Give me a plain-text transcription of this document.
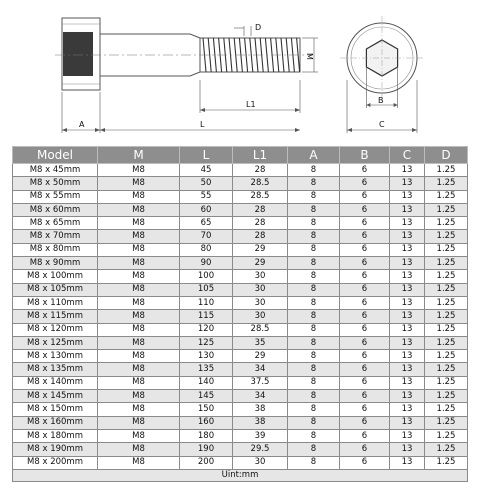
D
M
L1
L
A
B
C
Model	M	L	L1	A	B	C	D
M8 x 45mm	M8	45	28	8	6	13	1.25
M8 x 50mm	M8	50	28.5	8	6	13	1.25
M8 x 55mm	M8	55	28.5	8	6	13	1.25
M8 x 60mm	M8	60	28	8	6	13	1.25
M8 x 65mm	M8	65	28	8	6	13	1.25
M8 x 70mm	M8	70	28	8	6	13	1.25
M8 x 80mm	M8	80	29	8	6	13	1.25
M8 x 90mm	M8	90	29	8	6	13	1.25
M8 x 100mm	M8	100	30	8	6	13	1.25
M8 x 105mm	M8	105	30	8	6	13	1.25
M8 x 110mm	M8	110	30	8	6	13	1.25
M8 x 115mm	M8	115	30	8	6	13	1.25
M8 x 120mm	M8	120	28.5	8	6	13	1.25
M8 x 125mm	M8	125	35	8	6	13	1.25
M8 x 130mm	M8	130	29	8	6	13	1.25
M8 x 135mm	M8	135	34	8	6	13	1.25
M8 x 140mm	M8	140	37.5	8	6	13	1.25
M8 x 145mm	M8	145	34	8	6	13	1.25
M8 x 150mm	M8	150	38	8	6	13	1.25
M8 x 160mm	M8	160	38	8	6	13	1.25
M8 x 180mm	M8	180	39	8	6	13	1.25
M8 x 190mm	M8	190	29.5	8	6	13	1.25
M8 x 200mm	M8	200	30	8	6	13	1.25
Uint:mm							
